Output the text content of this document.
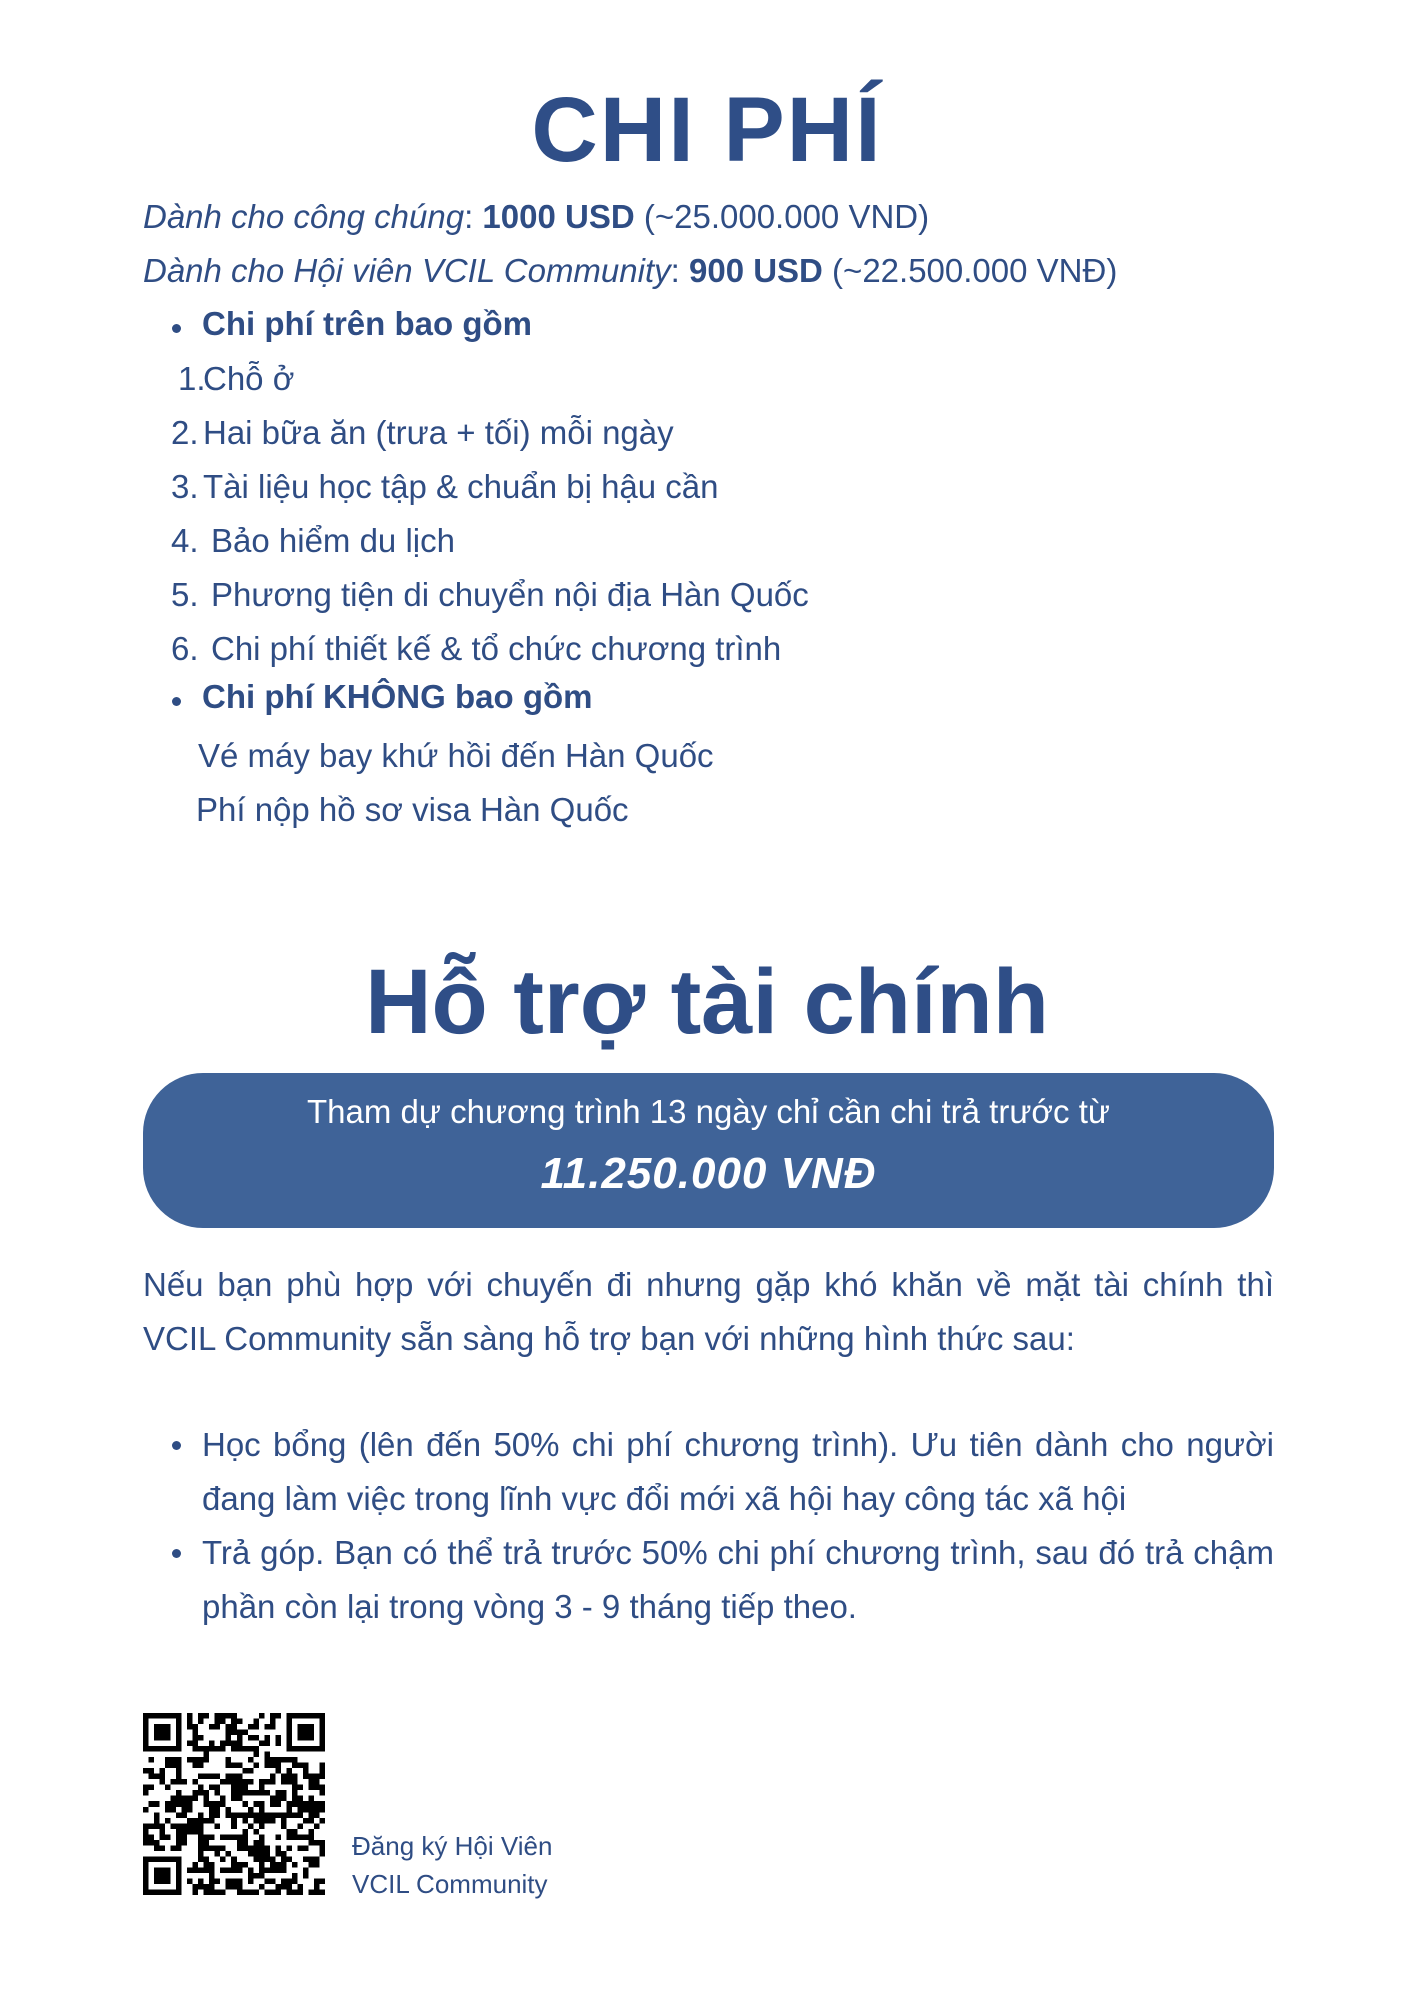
CHI PHÍ
Dành cho công chúng: 1000 USD (~25.000.000 VND)
Dành cho Hội viên VCIL Community: 900 USD (~22.500.000 VNĐ)
Chi phí trên bao gồm
1.
Chỗ ở
2. Hai bữa ăn (trưa + tối) mỗi ngày
3. Tài liệu học tập & chuẩn bị hậu cần
4. Bảo hiểm du lịch
5. Phương tiện di chuyển nội địa Hàn Quốc
6. Chi phí thiết kế & tổ chức chương trình
Chi phí KHÔNG bao gồm
Vé máy bay khứ hồi đến Hàn Quốc
Phí nộp hồ sơ visa Hàn Quốc
Hỗ trợ tài chính
Tham dự chương trình 13 ngày chỉ cần chi trả trước từ
11.250.000 VNĐ
Nếu bạn phù hợp với chuyến đi nhưng gặp khó khăn về mặt tài chính thì VCIL Community sẵn sàng hỗ trợ bạn với những hình thức sau:
Học bổng (lên đến 50% chi phí chương trình). Ưu tiên dành cho người đang làm việc trong lĩnh vực đổi mới xã hội hay công tác xã hội
Trả góp. Bạn có thể trả trước 50% chi phí chương trình, sau đó trả chậm phần còn lại trong vòng 3 - 9 tháng tiếp theo.
Đăng ký Hội Viên
VCIL Community
